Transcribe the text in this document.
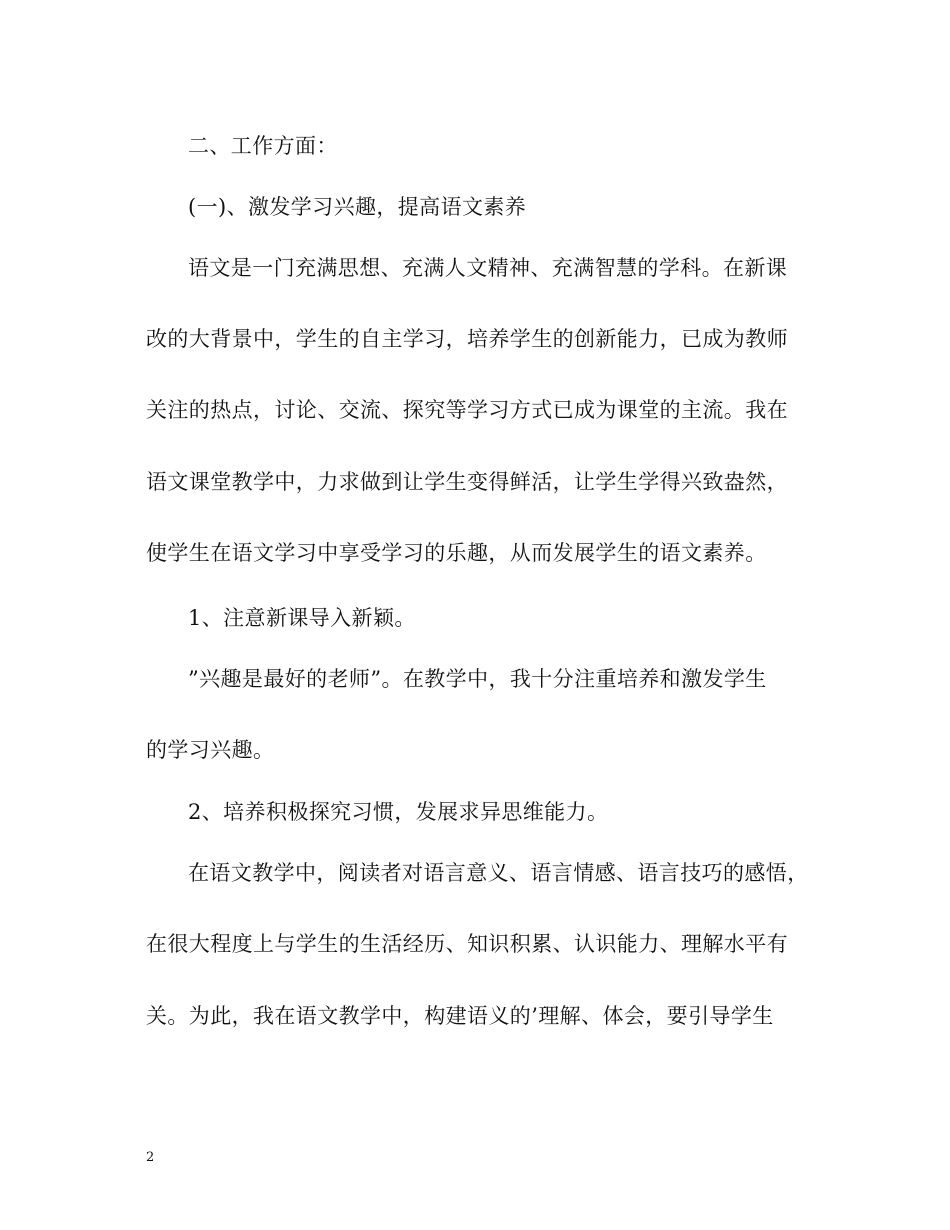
二、工作方面：
(一)、激发学习兴趣，提高语文素养
语文是一门充满思想、充满人文精神、充满智慧的学科。在新课
改的大背景中，学生的自主学习，培养学生的创新能力，已成为教师
关注的热点，讨论、交流、探究等学习方式已成为课堂的主流。我在
语文课堂教学中，力求做到让学生变得鲜活，让学生学得兴致盎然，
使学生在语文学习中享受学习的乐趣，从而发展学生的语文素养。
1、注意新课导入新颖。
”兴趣是最好的老师”。在教学中，我十分注重培养和激发学生
的学习兴趣。
2、培养积极探究习惯，发展求异思维能力。
在语文教学中，阅读者对语言意义、语言情感、语言技巧的感悟，
在很大程度上与学生的生活经历、知识积累、认识能力、理解水平有
关。为此，我在语文教学中，构建语义的’理解、体会，要引导学生
2
